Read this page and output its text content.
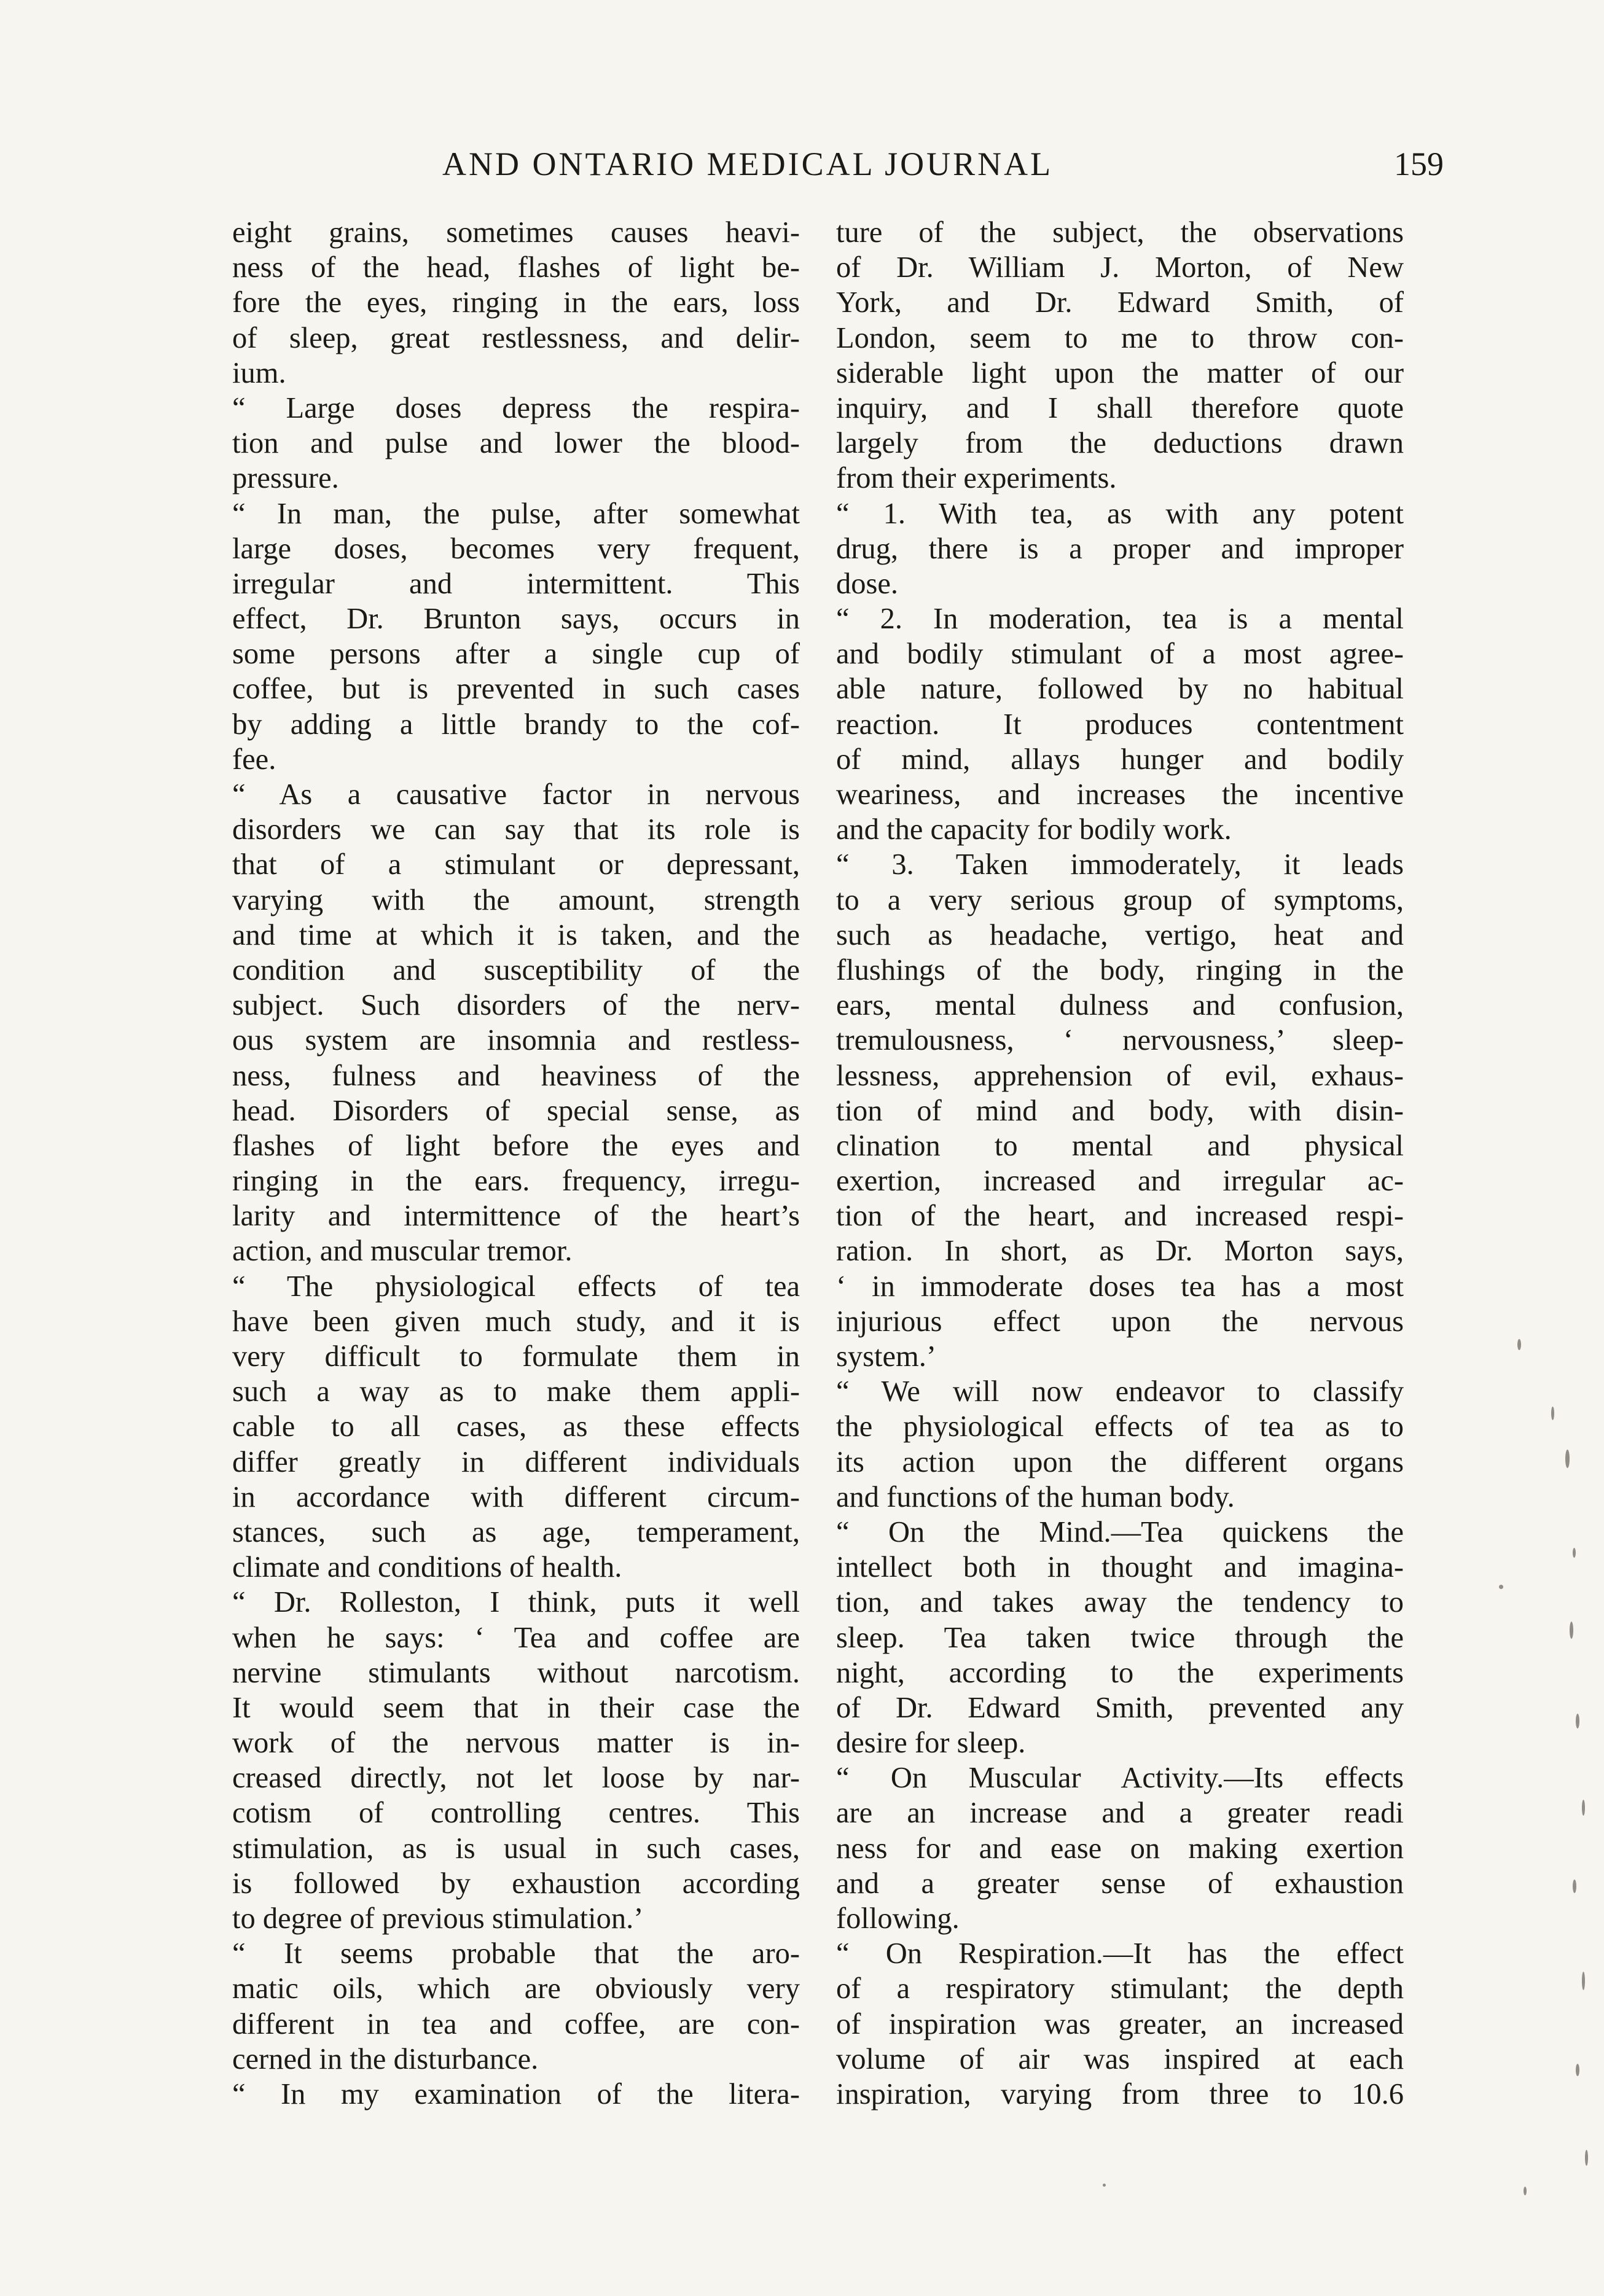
AND ONTARIO MEDICAL JOURNAL	159
eight grains, sometimes causes heavi-
ness of the head, flashes of light be-
fore the eyes, ringing in the ears, loss
of sleep, great restlessness, and delir-
ium.
“ Large doses depress the respira-
tion and pulse and lower the blood-
pressure.
“ In man, the pulse, after somewhat
large doses, becomes very frequent,
irregular and intermittent. This
effect, Dr. Brunton says, occurs in
some persons after a single cup of
coffee, but is prevented in such cases
by adding a little brandy to the cof-
fee.
“ As a causative factor in nervous
disorders we can say that its role is
that of a stimulant or depressant,
varying with the amount, strength
and time at which it is taken, and the
condition and susceptibility of the
subject. Such disorders of the nerv-
ous system are insomnia and restless-
ness, fulness and heaviness of the
head. Disorders of special sense, as
flashes of light before the eyes and
ringing in the ears. frequency, irregu-
larity and intermittence of the heart’s
action, and muscular tremor.
“ The physiological effects of tea
have been given much study, and it is
very difficult to formulate them in
such a way as to make them appli-
cable to all cases, as these effects
differ greatly in different individuals
in accordance with different circum-
stances, such as age, temperament,
climate and conditions of health.
“ Dr. Rolleston, I think, puts it well
when he says: ‘ Tea and coffee are
nervine stimulants without narcotism.
It would seem that in their case the
work of the nervous matter is in-
creased directly, not let loose by nar-
cotism of controlling centres. This
stimulation, as is usual in such cases,
is followed by exhaustion according
to degree of previous stimulation.’
“ It seems probable that the aro-
matic oils, which are obviously very
different in tea and coffee, are con-
cerned in the disturbance.
“ In my examination of the litera-
ture of the subject, the observations
of Dr. William J. Morton, of New
York, and Dr. Edward Smith, of
London, seem to me to throw con-
siderable light upon the matter of our
inquiry, and I shall therefore quote
largely from the deductions drawn
from their experiments.
“ 1. With tea, as with any potent
drug, there is a proper and improper
dose.
“ 2. In moderation, tea is a mental
and bodily stimulant of a most agree-
able nature, followed by no habitual
reaction. It produces contentment
of mind, allays hunger and bodily
weariness, and increases the incentive
and the capacity for bodily work.
“ 3. Taken immoderately, it leads
to a very serious group of symptoms,
such as headache, vertigo, heat and
flushings of the body, ringing in the
ears, mental dulness and confusion,
tremulousness, ‘ nervousness,’ sleep-
lessness, apprehension of evil, exhaus-
tion of mind and body, with disin-
clination to mental and physical
exertion, increased and irregular ac-
tion of the heart, and increased respi-
ration. In short, as Dr. Morton says,
‘ in immoderate doses tea has a most
injurious effect upon the nervous
system.’
“ We will now endeavor to classify
the physiological effects of tea as to
its action upon the different organs
and functions of the human body.
“ On the Mind.—Tea quickens the
intellect both in thought and imagina-
tion, and takes away the tendency to
sleep. Tea taken twice through the
night, according to the experiments
of Dr. Edward Smith, prevented any
desire for sleep.
“ On Muscular Activity.—Its effects
are an increase and a greater readi
ness for and ease on making exertion
and a greater sense of exhaustion
following.
“ On Respiration.—It has the effect
of a respiratory stimulant; the depth
of inspiration was greater, an increased
volume of air was inspired at each
inspiration, varying from three to 10.6
